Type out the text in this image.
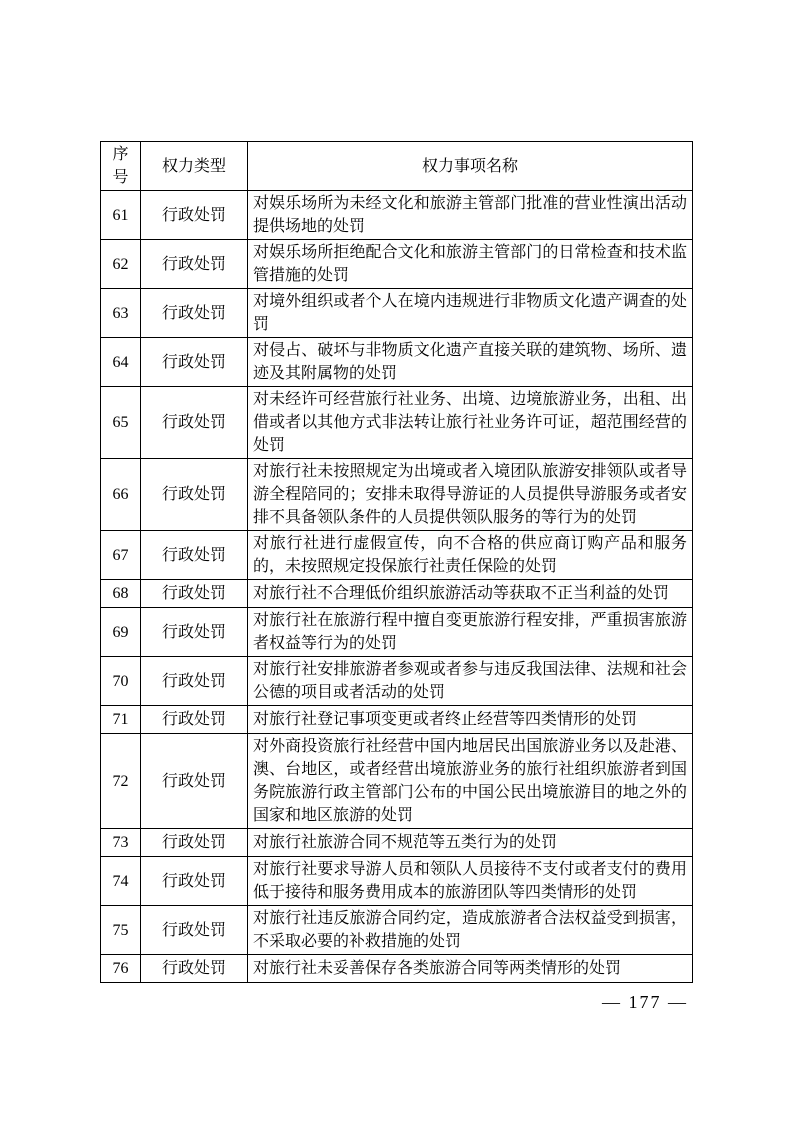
序号	权力类型	权力事项名称
61	行政处罚	对娱乐场所为未经文化和旅游主管部门批准的营业性演出活动提供场地的处罚
62	行政处罚	对娱乐场所拒绝配合文化和旅游主管部门的日常检查和技术监管措施的处罚
63	行政处罚	对境外组织或者个人在境内违规进行非物质文化遗产调查的处罚
64	行政处罚	对侵占、破坏与非物质文化遗产直接关联的建筑物、场所、遗迹及其附属物的处罚
65	行政处罚	对未经许可经营旅行社业务、出境、边境旅游业务，出租、出借或者以其他方式非法转让旅行社业务许可证，超范围经营的处罚
66	行政处罚	对旅行社未按照规定为出境或者入境团队旅游安排领队或者导游全程陪同的；安排未取得导游证的人员提供导游服务或者安排不具备领队条件的人员提供领队服务的等行为的处罚
67	行政处罚	对旅行社进行虚假宣传，向不合格的供应商订购产品和服务的，未按照规定投保旅行社责任保险的处罚
68	行政处罚	对旅行社不合理低价组织旅游活动等获取不正当利益的处罚
69	行政处罚	对旅行社在旅游行程中擅自变更旅游行程安排，严重损害旅游者权益等行为的处罚
70	行政处罚	对旅行社安排旅游者参观或者参与违反我国法律、法规和社会公德的项目或者活动的处罚
71	行政处罚	对旅行社登记事项变更或者终止经营等四类情形的处罚
72	行政处罚	对外商投资旅行社经营中国内地居民出国旅游业务以及赴港、澳、台地区，或者经营出境旅游业务的旅行社组织旅游者到国务院旅游行政主管部门公布的中国公民出境旅游目的地之外的国家和地区旅游的处罚
73	行政处罚	对旅行社旅游合同不规范等五类行为的处罚
74	行政处罚	对旅行社要求导游人员和领队人员接待不支付或者支付的费用低于接待和服务费用成本的旅游团队等四类情形的处罚
75	行政处罚	对旅行社违反旅游合同约定，造成旅游者合法权益受到损害，不采取必要的补救措施的处罚
76	行政处罚	对旅行社未妥善保存各类旅游合同等两类情形的处罚
— 177 —
